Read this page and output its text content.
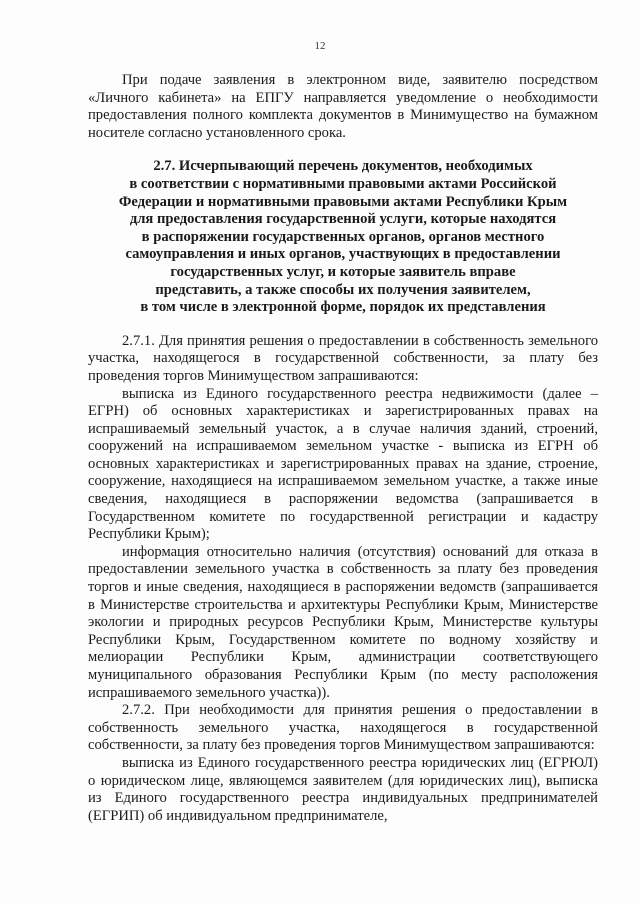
12

При подаче заявления в электронном виде, заявителю посредством «Личного кабинета» на ЕПГУ направляется уведомление о необходимости предоставления полного комплекта документов в Минимущество на бумажном носителе согласно установленного срока.

2.7. Исчерпывающий перечень документов, необходимых
в соответствии с нормативными правовыми актами Российской
Федерации и нормативными правовыми актами Республики Крым
для предоставления государственной услуги, которые находятся
в распоряжении государственных органов, органов местного
самоуправления и иных органов, участвующих в предоставлении
государственных услуг, и которые заявитель вправе
представить, а также способы их получения заявителем,
в том числе в электронной форме, порядок их представления

2.7.1. Для принятия решения о предоставлении в собственность земельного участка, находящегося в государственной собственности, за плату без проведения торгов Минимуществом запрашиваются:

выписка из Единого государственного реестра недвижимости (далее – ЕГРН) об основных характеристиках и зарегистрированных правах на испрашиваемый земельный участок, а в случае наличия зданий, строений, сооружений на испрашиваемом земельном участке - выписка из ЕГРН об основных характеристиках и зарегистрированных правах на здание, строение, сооружение, находящиеся на испрашиваемом земельном участке, а также иные сведения, находящиеся в распоряжении ведомства (запрашивается в Государственном комитете по государственной регистрации и кадастру Республики Крым);

информация относительно наличия (отсутствия) оснований для отказа в предоставлении земельного участка в собственность за плату без проведения торгов и иные сведения, находящиеся в распоряжении ведомств (запрашивается в Министерстве строительства и архитектуры Республики Крым, Министерстве экологии и природных ресурсов Республики Крым, Министерстве культуры Республики Крым, Государственном комитете по водному хозяйству и мелиорации Республики Крым, администрации соответствующего муниципального образования Республики Крым (по месту расположения испрашиваемого земельного участка)).

2.7.2. При необходимости для принятия решения о предоставлении в собственность земельного участка, находящегося в государственной собственности, за плату без проведения торгов Минимуществом запрашиваются:

выписка из Единого государственного реестра юридических лиц (ЕГРЮЛ) о юридическом лице, являющемся заявителем (для юридических лиц), выписка из Единого государственного реестра индивидуальных предпринимателей (ЕГРИП) об индивидуальном предпринимателе,
